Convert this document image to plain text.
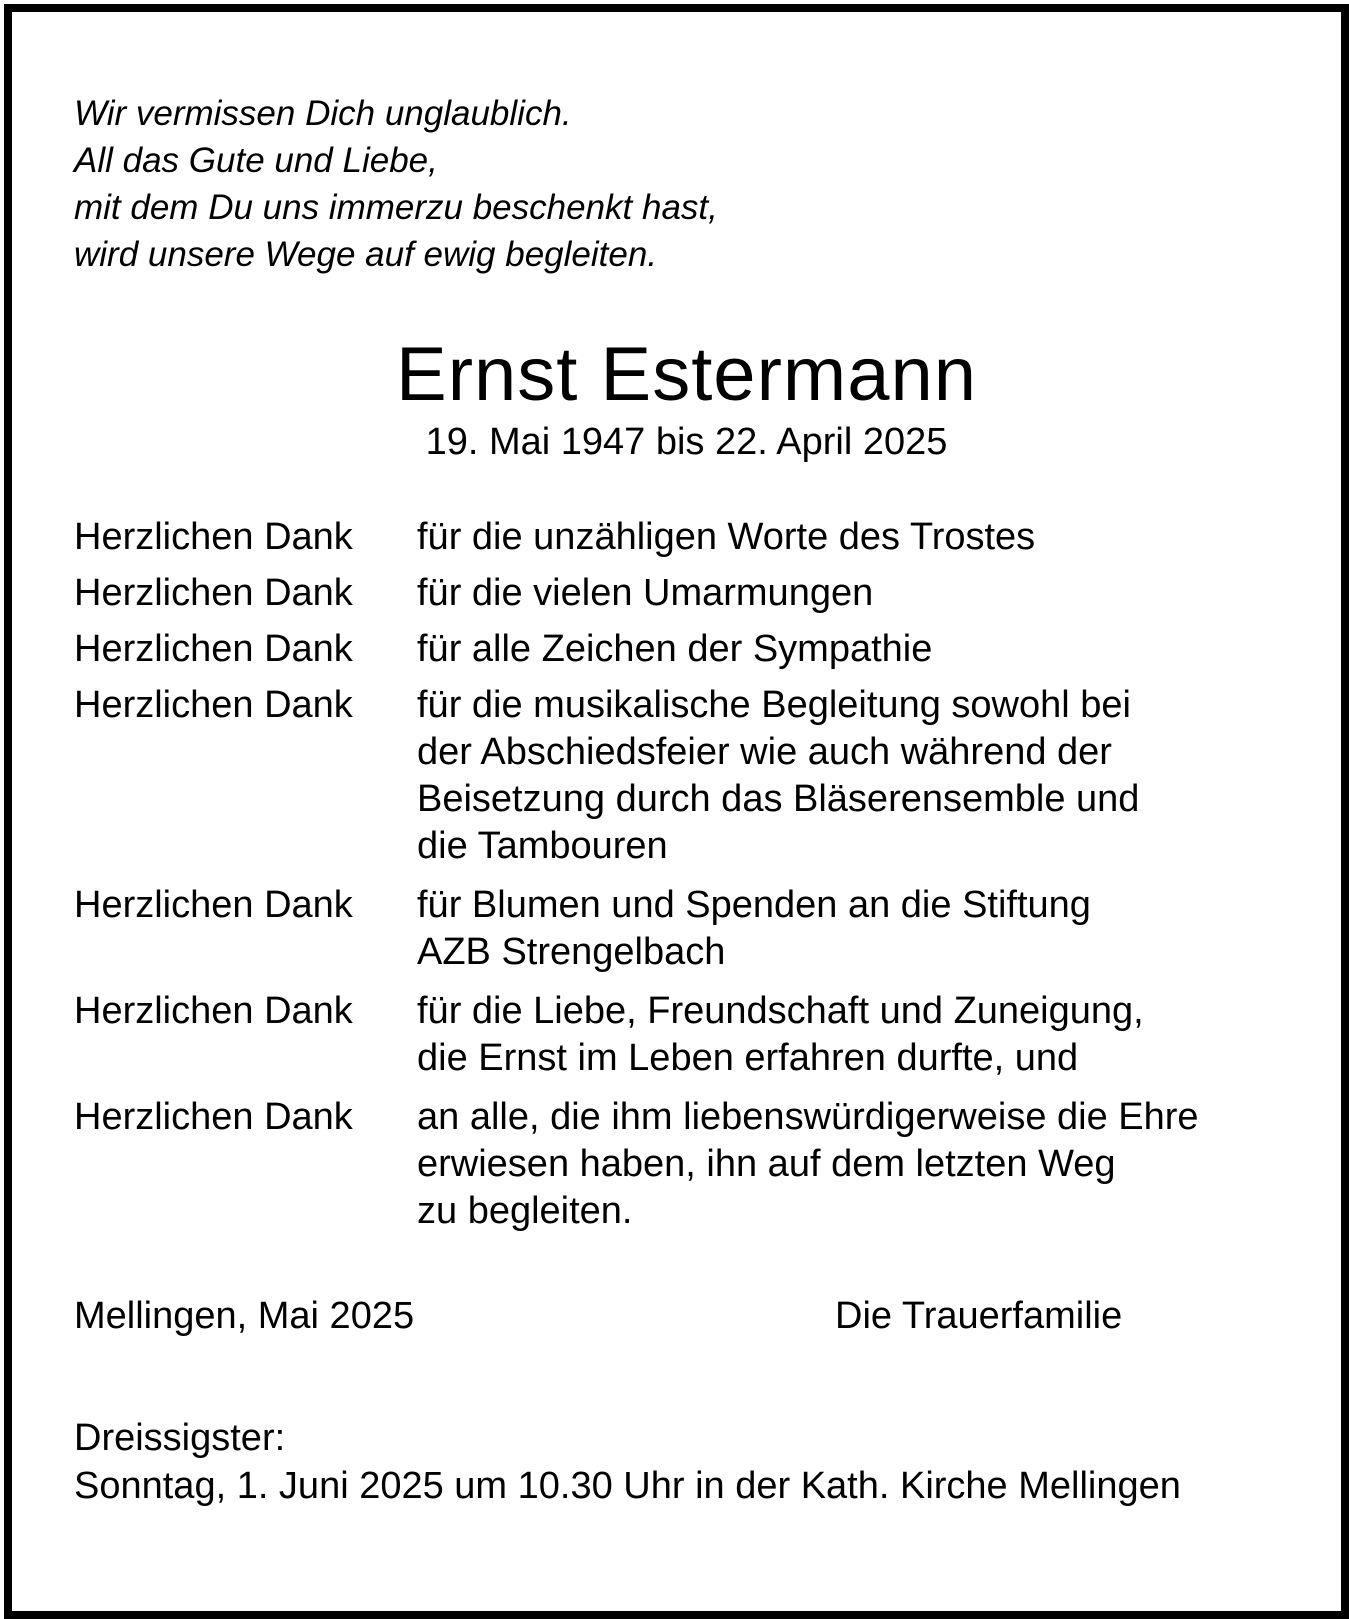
Wir vermissen Dich unglaublich.
All das Gute und Liebe,
mit dem Du uns immerzu beschenkt hast,
wird unsere Wege auf ewig begleiten.
Ernst Estermann
19. Mai 1947 bis 22. April 2025
Herzlichen Dank	für die unzähligen Worte des Trostes
Herzlichen Dank	für die vielen Umarmungen
Herzlichen Dank	für alle Zeichen der Sympathie
Herzlichen Dank	für die musikalische Begleitung sowohl bei
der Abschiedsfeier wie auch während der
Beisetzung durch das Bläserensemble und
die Tambouren
Herzlichen Dank	für Blumen und Spenden an die Stiftung
AZB Strengelbach
Herzlichen Dank	für die Liebe, Freundschaft und Zuneigung,
die Ernst im Leben erfahren durfte, und
Herzlichen Dank	an alle, die ihm liebenswürdigerweise die Ehre
erwiesen haben, ihn auf dem letzten Weg
zu begleiten.
Mellingen, Mai 2025	Die Trauerfamilie
Dreissigster:
Sonntag, 1. Juni 2025 um 10.30 Uhr in der Kath. Kirche Mellingen
